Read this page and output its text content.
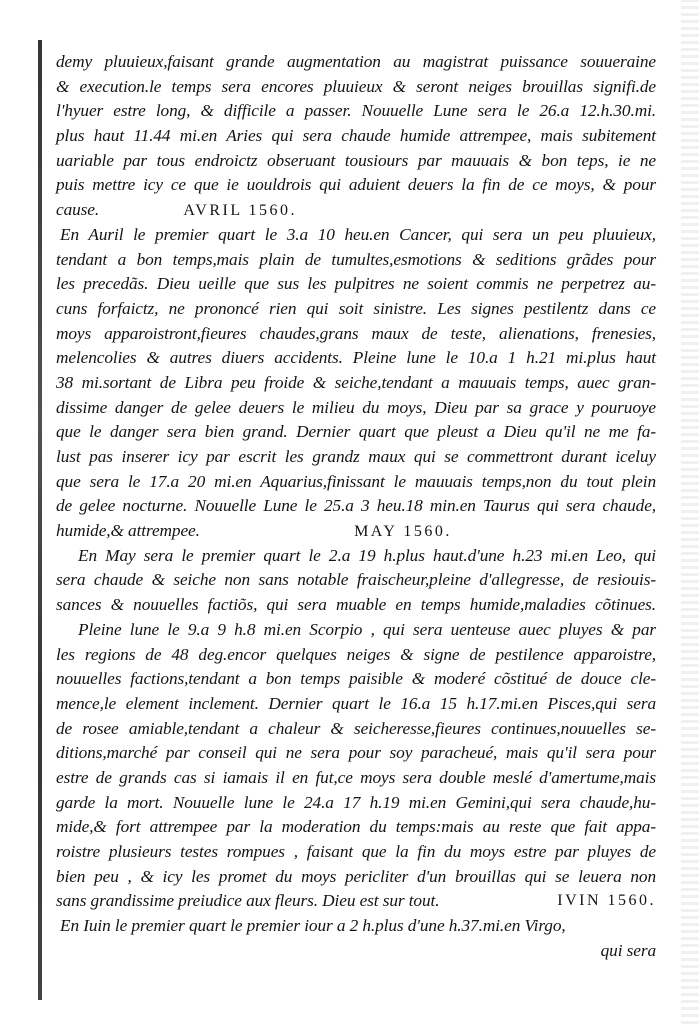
demy pluuieux,faisant grande augmentation au magistrat puissance souueraine
& execution.le temps sera encores pluuieux & seront neiges brouillas signifi.de
l'hyuer estre long, & difficile a passer. Nouuelle Lune sera le 26.a 12.h.30.mi.
plus haut 11.44 mi.en Aries qui sera chaude humide attrempee, mais subitement
uariable par tous endroictz obseruant tousiours par mauuais & bon teps, ie ne
puis mettre icy ce que ie uouldrois qui aduient deuers la fin de ce moys, & pour
cause.	AVRIL 1560.
En Auril le premier quart le 3.a 10 heu.en Cancer, qui sera un peu pluuieux,
tendant a bon temps,mais plain de tumultes,esmotions & seditions grãdes pour
les precedãs. Dieu ueille que sus les pulpitres ne soient commis ne perpetrez au-
cuns forfaictz, ne prononcé rien qui soit sinistre. Les signes pestilentz dans ce
moys apparoistront,fieures chaudes,grans maux de teste, alienations, frenesies,
melencolies & autres diuers accidents. Pleine lune le 10.a 1 h.21 mi.plus haut
38 mi.sortant de Libra peu froide & seiche,tendant a mauuais temps, auec gran-
dissime danger de gelee deuers le milieu du moys, Dieu par sa grace y pouruoye
que le danger sera bien grand. Dernier quart que pleust a Dieu qu'il ne me fa-
lust pas inserer icy par escrit les grandz maux qui se commettront durant iceluy
que sera le 17.a 20 mi.en Aquarius,finissant le mauuais temps,non du tout plein
de gelee nocturne. Nouuelle Lune le 25.a 3 heu.18 min.en Taurus qui sera chaude,
humide,& attrempee.	MAY 1560.
En May sera le premier quart le 2.a 19 h.plus haut.d'une h.23 mi.en Leo, qui
sera chaude & seiche non sans notable fraischeur,pleine d'allegresse, de resiouis-
sances & nouuelles factiõs, qui sera muable en temps humide,maladies cõtinues.
Pleine lune le 9.a 9 h.8 mi.en Scorpio , qui sera uenteuse auec pluyes & par
les regions de 48 deg.encor quelques neiges & signe de pestilence apparoistre,
nouuelles factions,tendant a bon temps paisible & moderé cõstitué de douce cle-
mence,le element inclement. Dernier quart le 16.a 15 h.17.mi.en Pisces,qui sera
de rosee amiable,tendant a chaleur & seicheresse,fieures continues,nouuelles se-
ditions,marché par conseil qui ne sera pour soy paracheué, mais qu'il sera pour
estre de grands cas si iamais il en fut,ce moys sera double meslé d'amertume,mais
garde la mort. Nouuelle lune le 24.a 17 h.19 mi.en Gemini,qui sera chaude,hu-
mide,& fort attrempee par la moderation du temps:mais au reste que fait appa-
roistre plusieurs testes rompues , faisant que la fin du moys estre par pluyes de
bien peu , & icy les promet du moys pericliter d'un brouillas qui se leuera non
sans grandissime preiudice aux fleurs. Dieu est sur tout.	IVIN 1560.
En Iuin le premier quart le premier iour a 2 h.plus d'une h.37.mi.en Virgo,
qui sera
